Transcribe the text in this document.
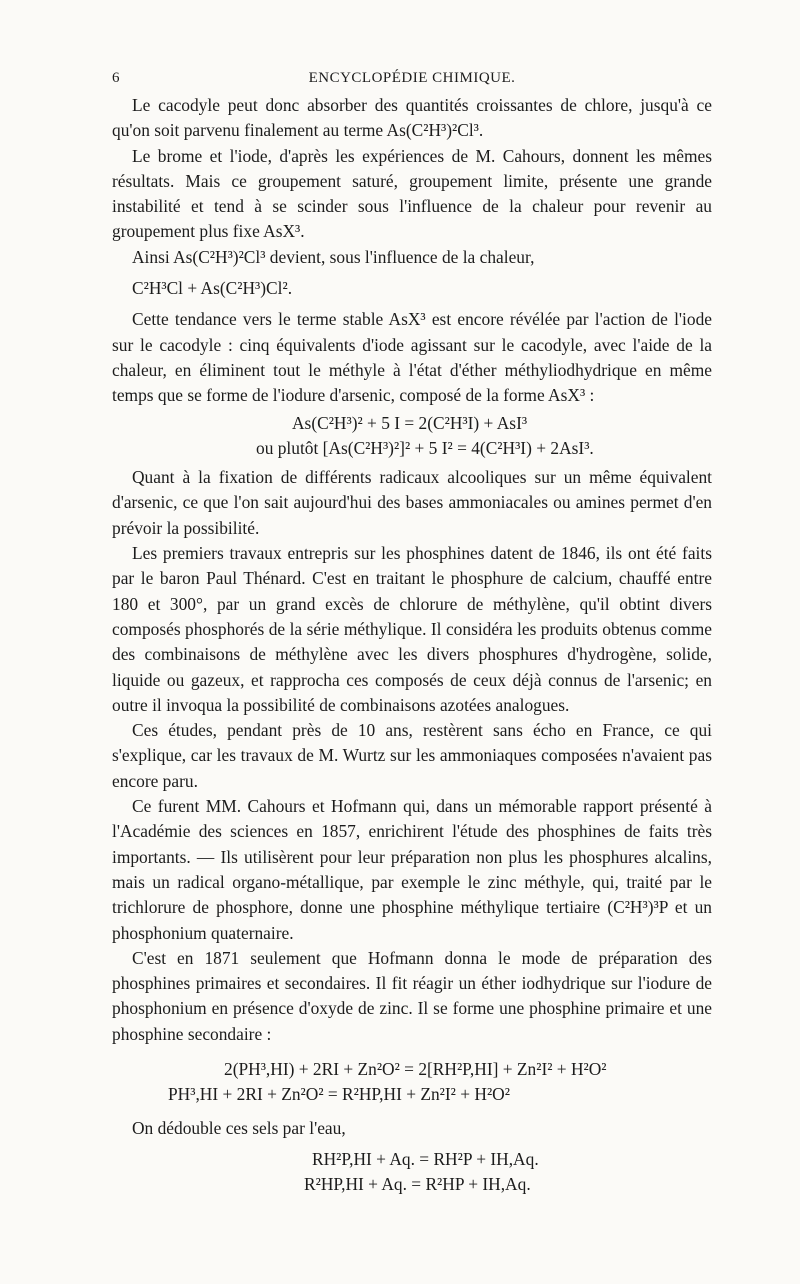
6	ENCYCLOPÉDIE CHIMIQUE.

Le cacodyle peut donc absorber des quantités croissantes de chlore, jusqu'à ce qu'on soit parvenu finalement au terme As(C²H³)²Cl³.

Le brome et l'iode, d'après les expériences de M. Cahours, donnent les mêmes résultats. Mais ce groupement saturé, groupement limite, présente une grande instabilité et tend à se scinder sous l'influence de la chaleur pour revenir au groupement plus fixe AsX³.

Ainsi As(C²H³)²Cl³ devient, sous l'influence de la chaleur,

C²H³Cl + As(C²H³)Cl².

Cette tendance vers le terme stable AsX³ est encore révélée par l'action de l'iode sur le cacodyle : cinq équivalents d'iode agissant sur le cacodyle, avec l'aide de la chaleur, en éliminent tout le méthyle à l'état d'éther méthyliodhydrique en même temps que se forme de l'iodure d'arsenic, composé de la forme AsX³ :

As(C²H³)² + 5 I = 2(C²H³I) + AsI³

ou plutôt [As(C²H³)²]² + 5 I² = 4(C²H³I) + 2AsI³.

Quant à la fixation de différents radicaux alcooliques sur un même équivalent d'arsenic, ce que l'on sait aujourd'hui des bases ammoniacales ou amines permet d'en prévoir la possibilité.

Les premiers travaux entrepris sur les phosphines datent de 1846, ils ont été faits par le baron Paul Thénard. C'est en traitant le phosphure de calcium, chauffé entre 180 et 300°, par un grand excès de chlorure de méthylène, qu'il obtint divers composés phosphorés de la série méthylique. Il considéra les produits obtenus comme des combinaisons de méthylène avec les divers phosphures d'hydrogène, solide, liquide ou gazeux, et rapprocha ces composés de ceux déjà connus de l'arsenic; en outre il invoqua la possibilité de combinaisons azotées analogues.

Ces études, pendant près de 10 ans, restèrent sans écho en France, ce qui s'explique, car les travaux de M. Wurtz sur les ammoniaques composées n'avaient pas encore paru.

Ce furent MM. Cahours et Hofmann qui, dans un mémorable rapport présenté à l'Académie des sciences en 1857, enrichirent l'étude des phosphines de faits très importants. — Ils utilisèrent pour leur préparation non plus les phosphures alcalins, mais un radical organo-métallique, par exemple le zinc méthyle, qui, traité par le trichlorure de phosphore, donne une phosphine méthylique tertiaire (C²H³)³P et un phosphonium quaternaire.

C'est en 1871 seulement que Hofmann donna le mode de préparation des phosphines primaires et secondaires. Il fit réagir un éther iodhydrique sur l'iodure de phosphonium en présence d'oxyde de zinc. Il se forme une phosphine primaire et une phosphine secondaire :

2(PH³,HI) + 2RI + Zn²O² = 2[RH²P,HI] + Zn²I² + H²O²

PH³,HI + 2RI + Zn²O² = R²HP,HI + Zn²I² + H²O²

On dédouble ces sels par l'eau,

RH²P,HI + Aq. = RH²P + IH,Aq.

R²HP,HI + Aq. = R²HP + IH,Aq.
